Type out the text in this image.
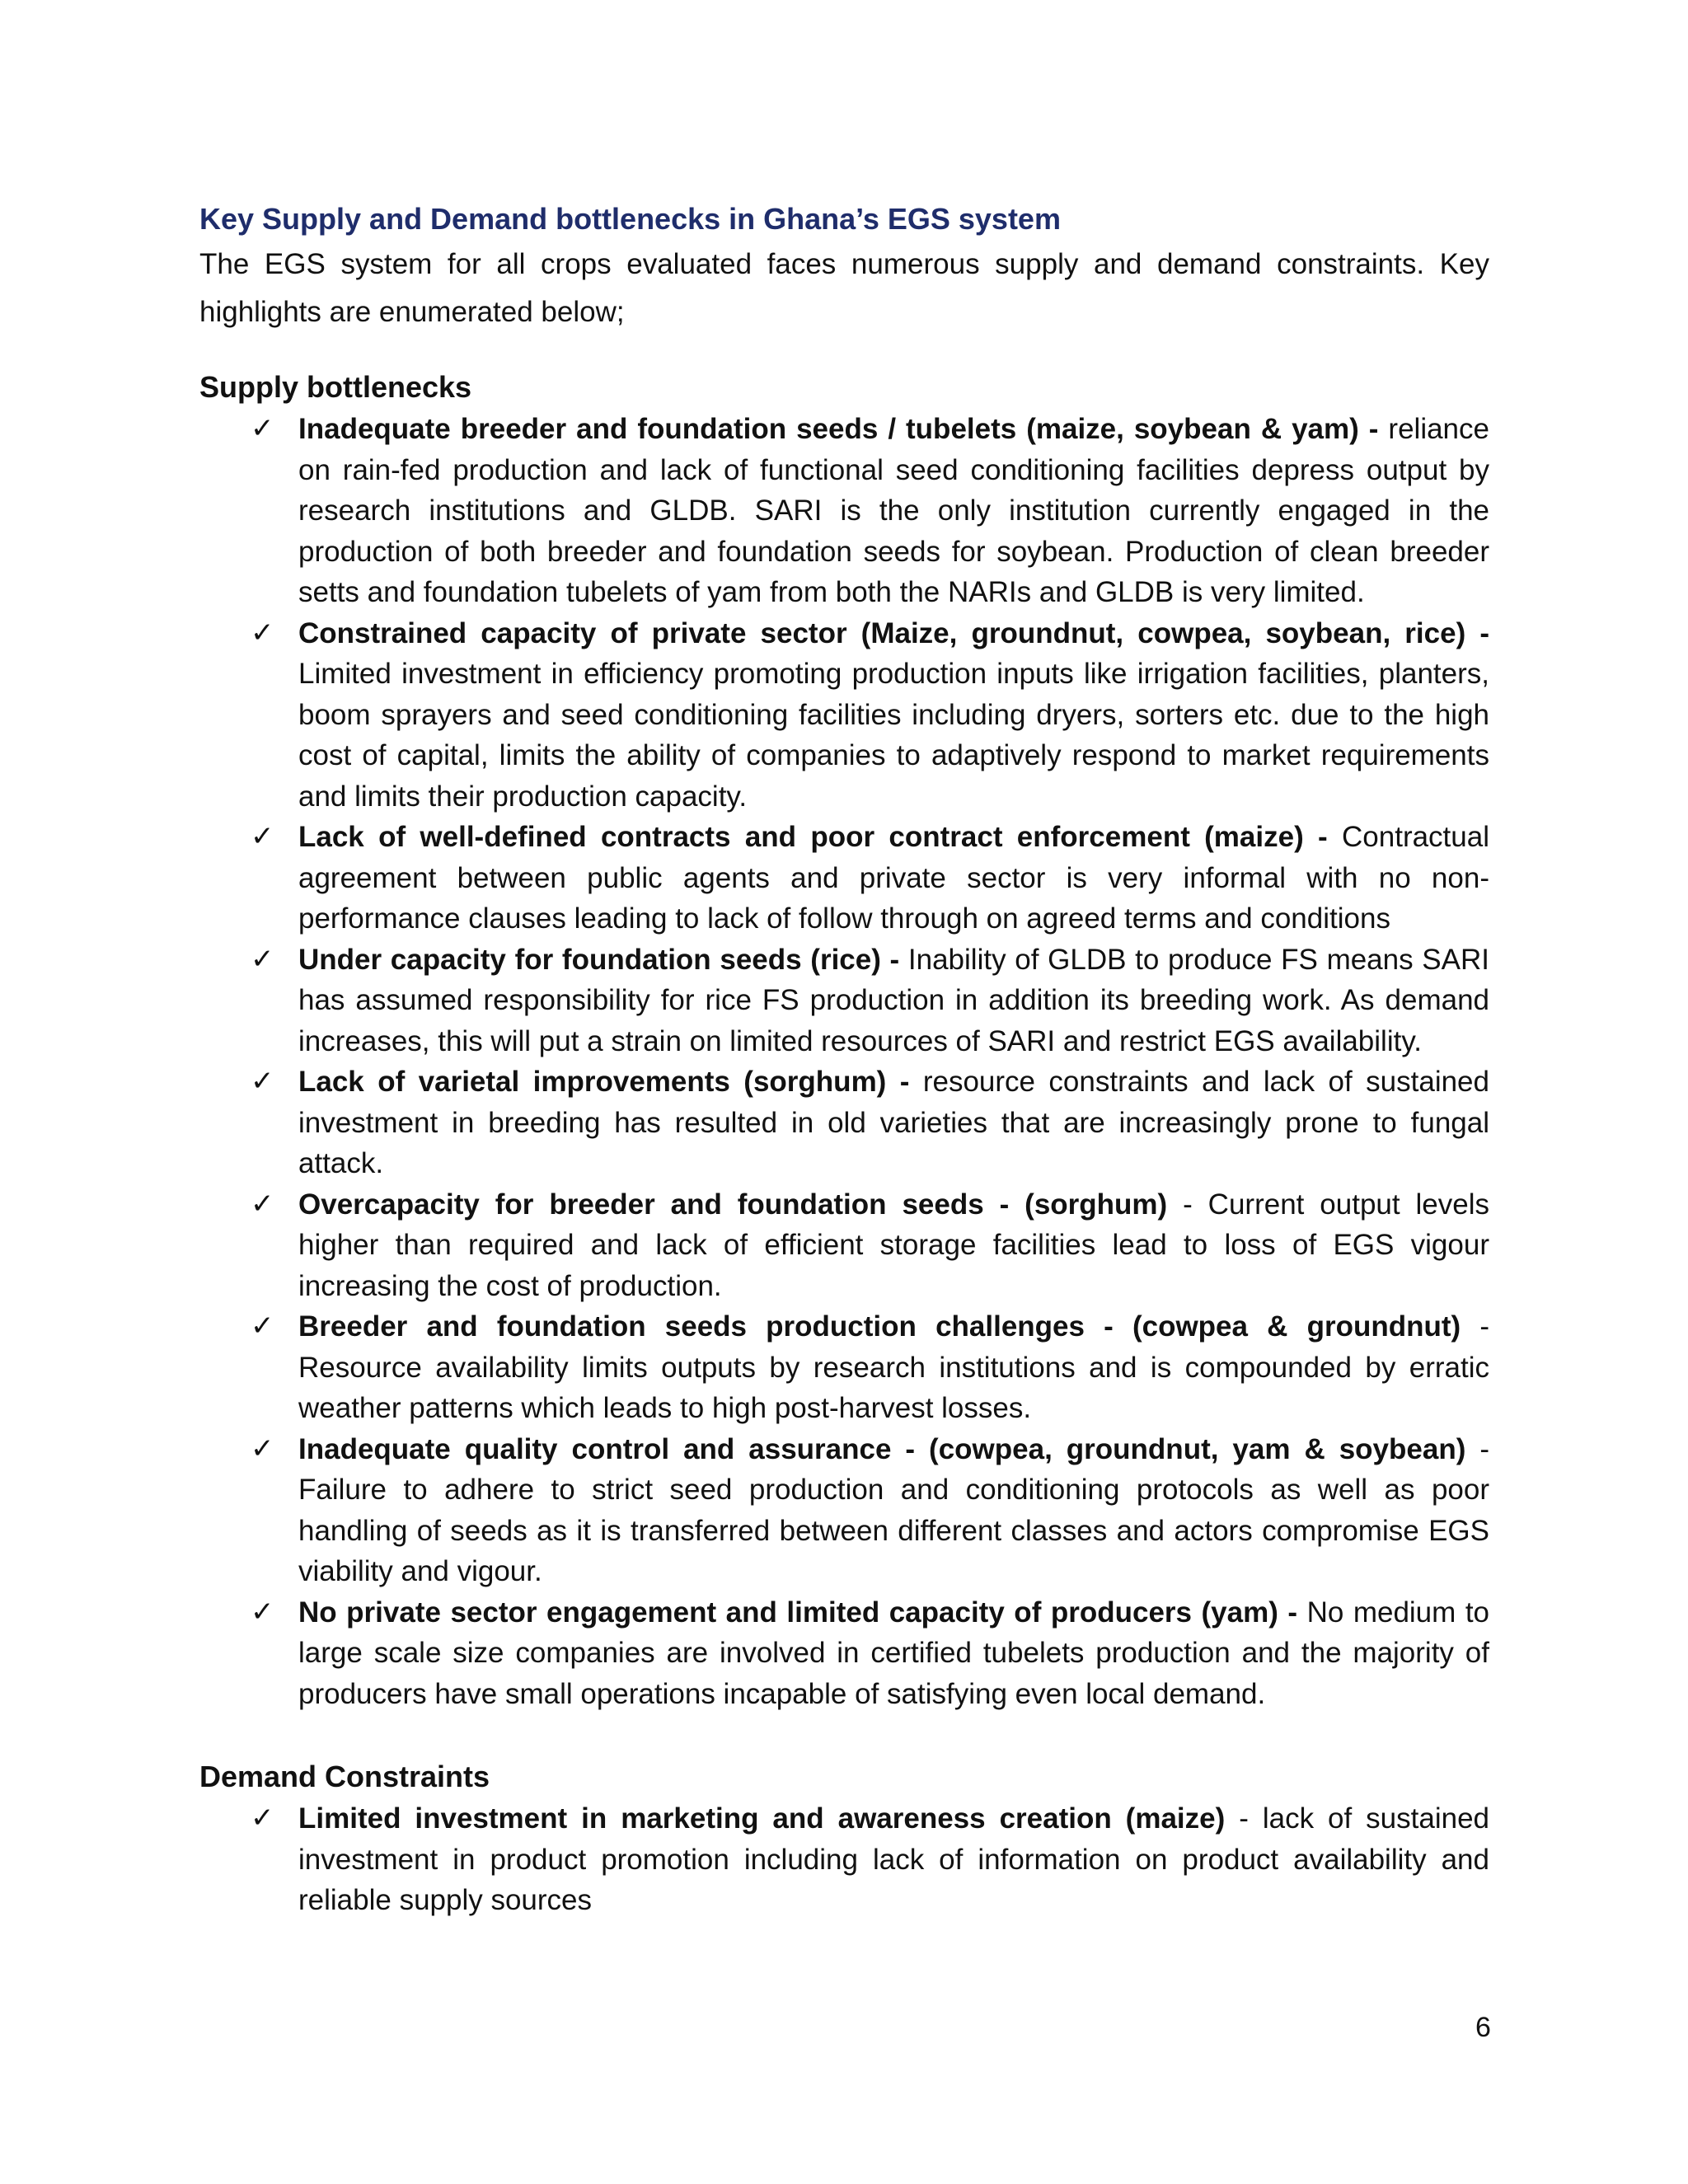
Key Supply and Demand bottlenecks in Ghana’s EGS system

The EGS system for all crops evaluated faces numerous supply and demand constraints. Key highlights are enumerated below;

Supply bottlenecks
✓ Inadequate breeder and foundation seeds / tubelets (maize, soybean & yam) - reliance on rain-fed production and lack of functional seed conditioning facilities depress output by research institutions and GLDB. SARI is the only institution currently engaged in the production of both breeder and foundation seeds for soybean. Production of clean breeder setts and foundation tubelets of yam from both the NARIs and GLDB is very limited.
✓ Constrained capacity of private sector (Maize, groundnut, cowpea, soybean, rice) - Limited investment in efficiency promoting production inputs like irrigation facilities, planters, boom sprayers and seed conditioning facilities including dryers, sorters etc. due to the high cost of capital, limits the ability of companies to adaptively respond to market requirements and limits their production capacity.
✓ Lack of well-defined contracts and poor contract enforcement (maize) - Contractual agreement between public agents and private sector is very informal with no non-performance clauses leading to lack of follow through on agreed terms and conditions
✓ Under capacity for foundation seeds (rice) - Inability of GLDB to produce FS means SARI has assumed responsibility for rice FS production in addition its breeding work. As demand increases, this will put a strain on limited resources of SARI and restrict EGS availability.
✓ Lack of varietal improvements (sorghum) - resource constraints and lack of sustained investment in breeding has resulted in old varieties that are increasingly prone to fungal attack.
✓ Overcapacity for breeder and foundation seeds - (sorghum) - Current output levels higher than required and lack of efficient storage facilities lead to loss of EGS vigour increasing the cost of production.
✓ Breeder and foundation seeds production challenges - (cowpea & groundnut) - Resource availability limits outputs by research institutions and is compounded by erratic weather patterns which leads to high post-harvest losses.
✓ Inadequate quality control and assurance - (cowpea, groundnut, yam & soybean) - Failure to adhere to strict seed production and conditioning protocols as well as poor handling of seeds as it is transferred between different classes and actors compromise EGS viability and vigour.
✓ No private sector engagement and limited capacity of producers (yam) - No medium to large scale size companies are involved in certified tubelets production and the majority of producers have small operations incapable of satisfying even local demand.
Demand Constraints
✓ Limited investment in marketing and awareness creation (maize) - lack of sustained investment in product promotion including lack of information on product availability and reliable supply sources
6
